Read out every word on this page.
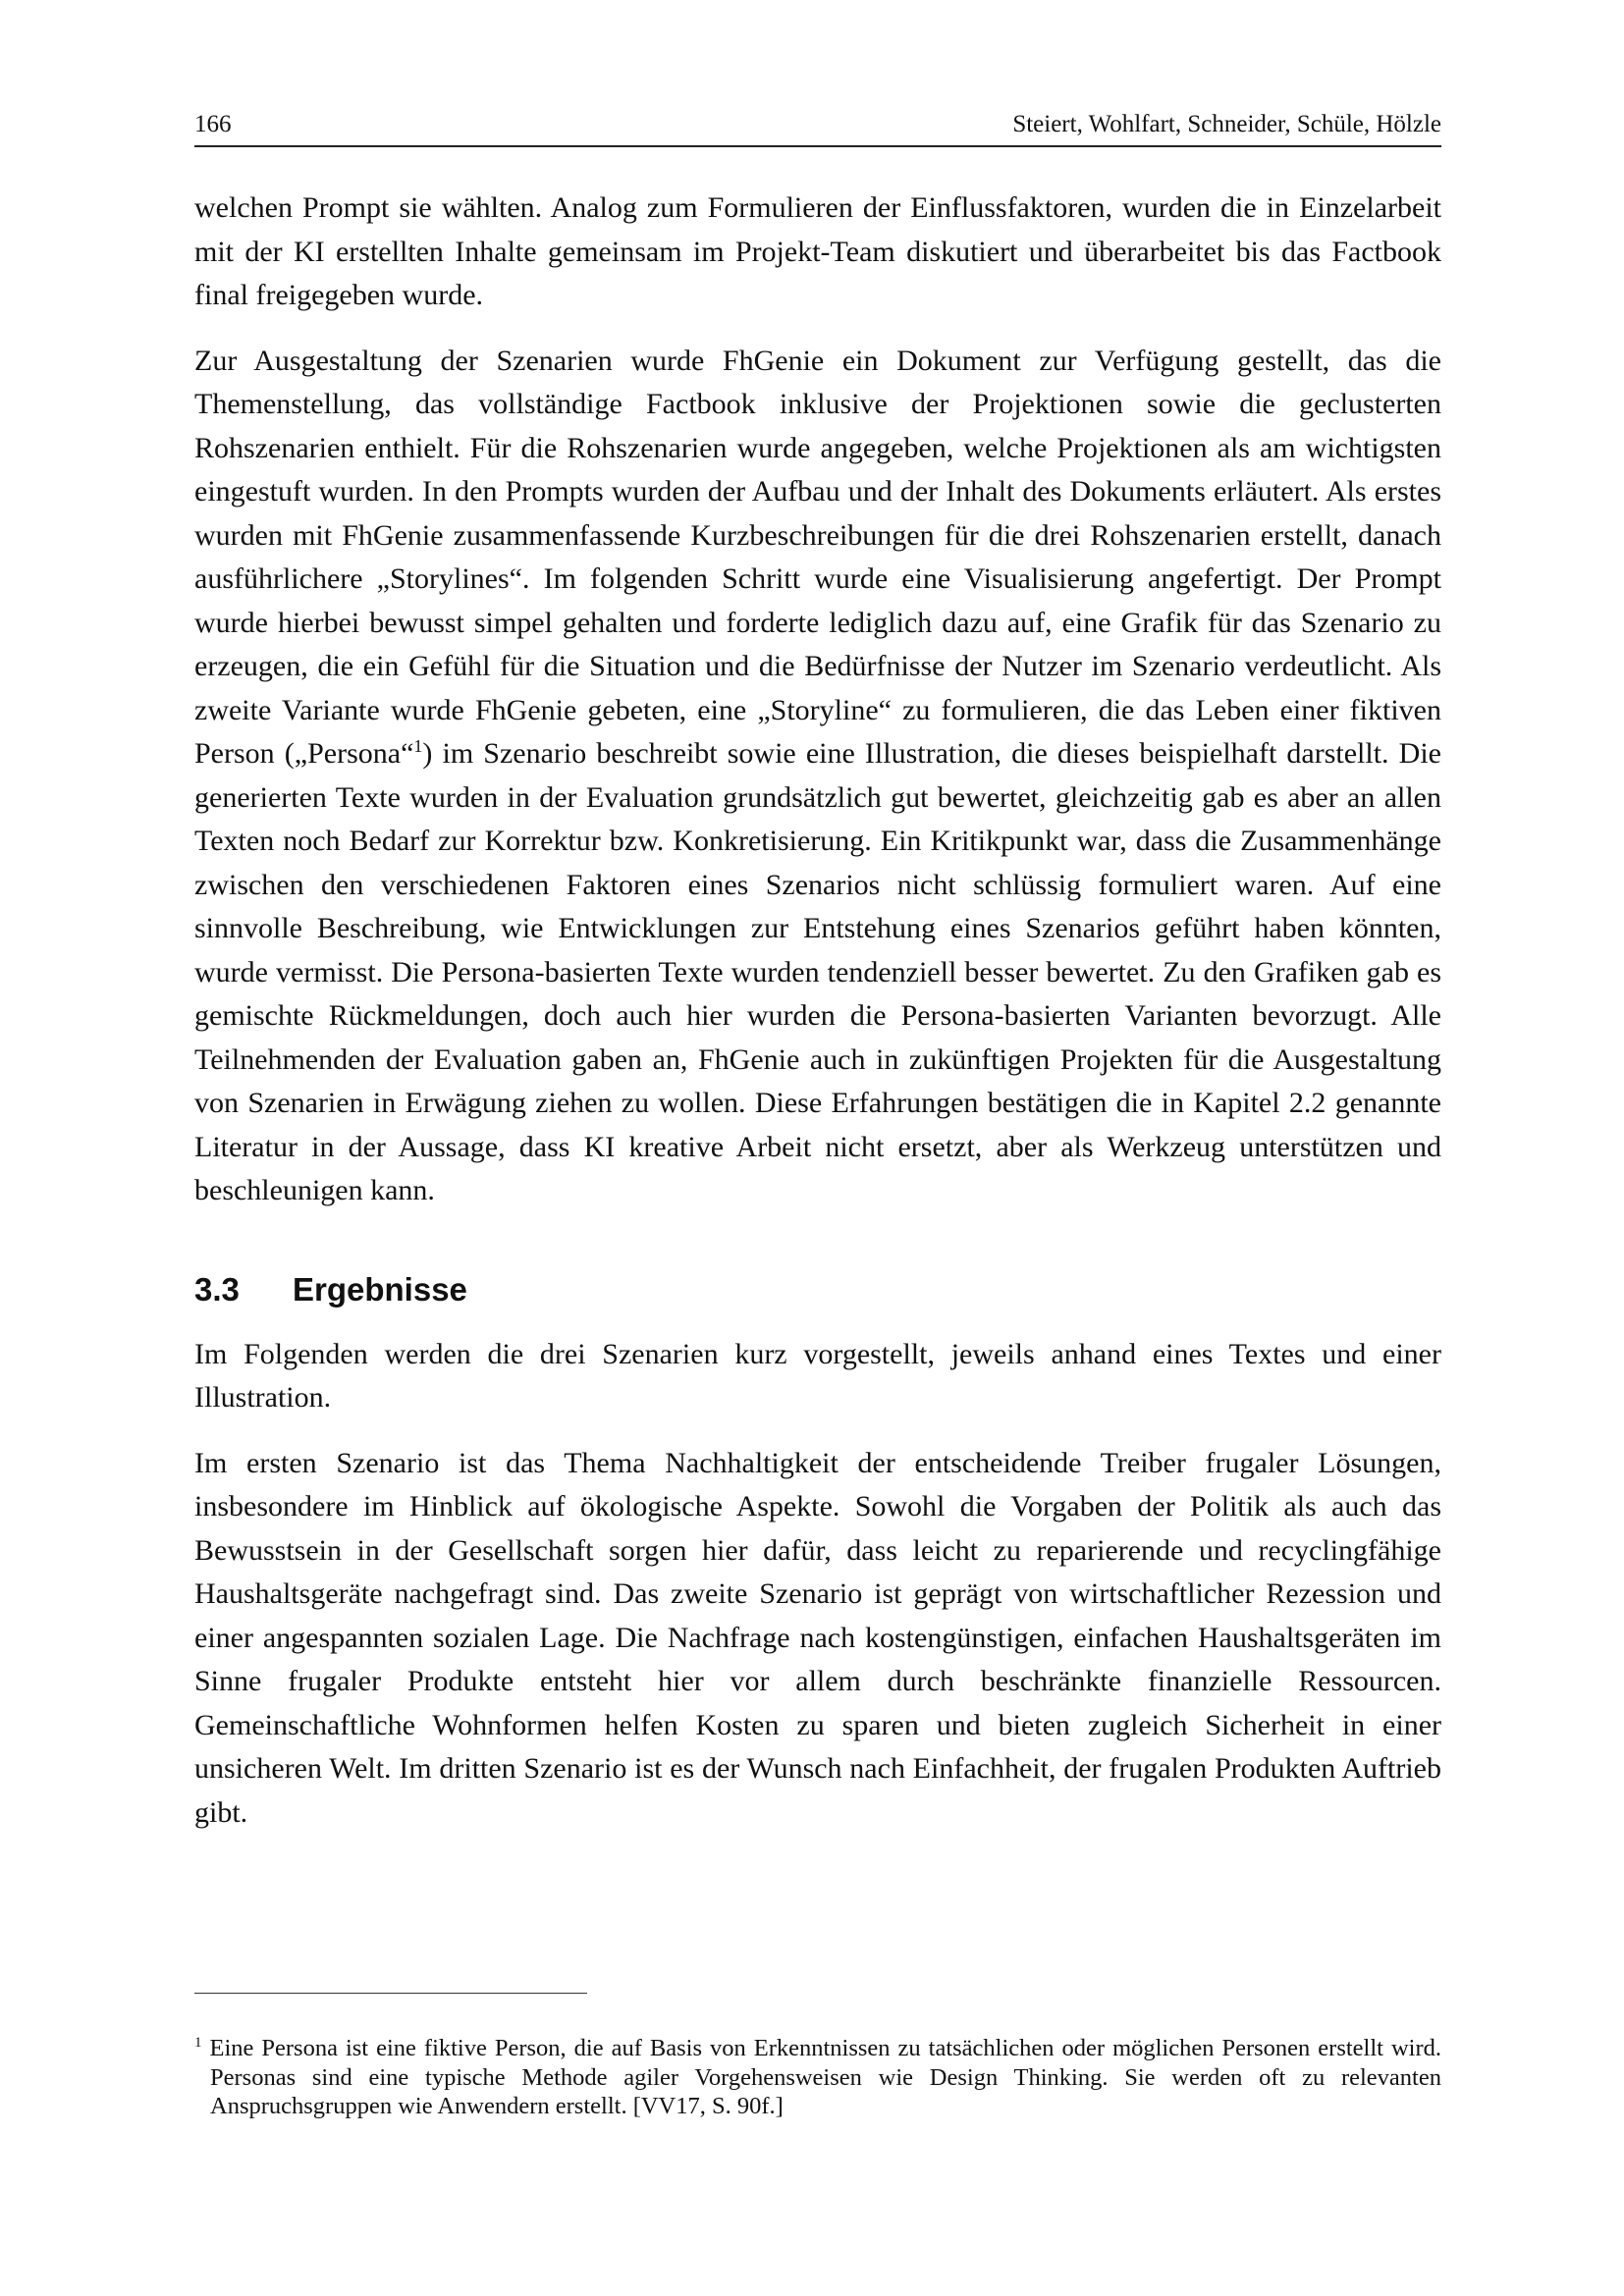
166	Steiert, Wohlfart, Schneider, Schüle, Hölzle

welchen Prompt sie wählten. Analog zum Formulieren der Einflussfaktoren, wurden die in Einzelarbeit mit der KI erstellten Inhalte gemeinsam im Projekt-Team diskutiert und überarbeitet bis das Factbook final freigegeben wurde.

Zur Ausgestaltung der Szenarien wurde FhGenie ein Dokument zur Verfügung gestellt, das die Themenstellung, das vollständige Factbook inklusive der Projektionen sowie die geclusterten Rohszenarien enthielt. Für die Rohszenarien wurde angegeben, welche Projektionen als am wichtigsten eingestuft wurden. In den Prompts wurden der Aufbau und der Inhalt des Dokuments erläutert. Als erstes wurden mit FhGenie zusammenfassende Kurzbeschreibungen für die drei Rohszenarien erstellt, danach ausführlichere „Storylines“. Im folgenden Schritt wurde eine Visualisierung angefertigt. Der Prompt wurde hierbei bewusst simpel gehalten und forderte lediglich dazu auf, eine Grafik für das Szenario zu erzeugen, die ein Gefühl für die Situation und die Bedürfnisse der Nutzer im Szenario verdeutlicht. Als zweite Variante wurde FhGenie gebeten, eine „Storyline“ zu formulieren, die das Leben einer fiktiven Person („Persona“$^1$) im Szenario beschreibt sowie eine Illustration, die dieses beispielhaft darstellt. Die generierten Texte wurden in der Evaluation grundsätzlich gut bewertet, gleichzeitig gab es aber an allen Texten noch Bedarf zur Korrektur bzw. Konkretisierung. Ein Kritikpunkt war, dass die Zusammenhänge zwischen den verschiedenen Faktoren eines Szenarios nicht schlüssig formuliert waren. Auf eine sinnvolle Beschreibung, wie Entwicklungen zur Entstehung eines Szenarios geführt haben könnten, wurde vermisst. Die Persona-basierten Texte wurden tendenziell besser bewertet. Zu den Grafiken gab es gemischte Rückmeldungen, doch auch hier wurden die Persona-basierten Varianten bevorzugt. Alle Teilnehmenden der Evaluation gaben an, FhGenie auch in zukünftigen Projekten für die Ausgestaltung von Szenarien in Erwägung ziehen zu wollen. Diese Erfahrungen bestätigen die in Kapitel 2.2 genannte Literatur in der Aussage, dass KI kreative Arbeit nicht ersetzt, aber als Werkzeug unterstützen und beschleunigen kann.

3.3 Ergebnisse

Im Folgenden werden die drei Szenarien kurz vorgestellt, jeweils anhand eines Textes und einer Illustration.

Im ersten Szenario ist das Thema Nachhaltigkeit der entscheidende Treiber frugaler Lösungen, insbesondere im Hinblick auf ökologische Aspekte. Sowohl die Vorgaben der Politik als auch das Bewusstsein in der Gesellschaft sorgen hier dafür, dass leicht zu reparierende und recyclingfähige Haushaltsgeräte nachgefragt sind. Das zweite Szenario ist geprägt von wirtschaftlicher Rezession und einer angespannten sozialen Lage. Die Nachfrage nach kostengünstigen, einfachen Haushaltsgeräten im Sinne frugaler Produkte entsteht hier vor allem durch beschränkte finanzielle Ressourcen. Gemeinschaftliche Wohnformen helfen Kosten zu sparen und bieten zugleich Sicherheit in einer unsicheren Welt. Im dritten Szenario ist es der Wunsch nach Einfachheit, der frugalen Produkten Auftrieb gibt.

$^1$ Eine Persona ist eine fiktive Person, die auf Basis von Erkenntnissen zu tatsächlichen oder möglichen Personen erstellt wird. Personas sind eine typische Methode agiler Vorgehensweisen wie Design Thinking. Sie werden oft zu relevanten Anspruchsgruppen wie Anwendern erstellt. [VV17, S. 90f.]
